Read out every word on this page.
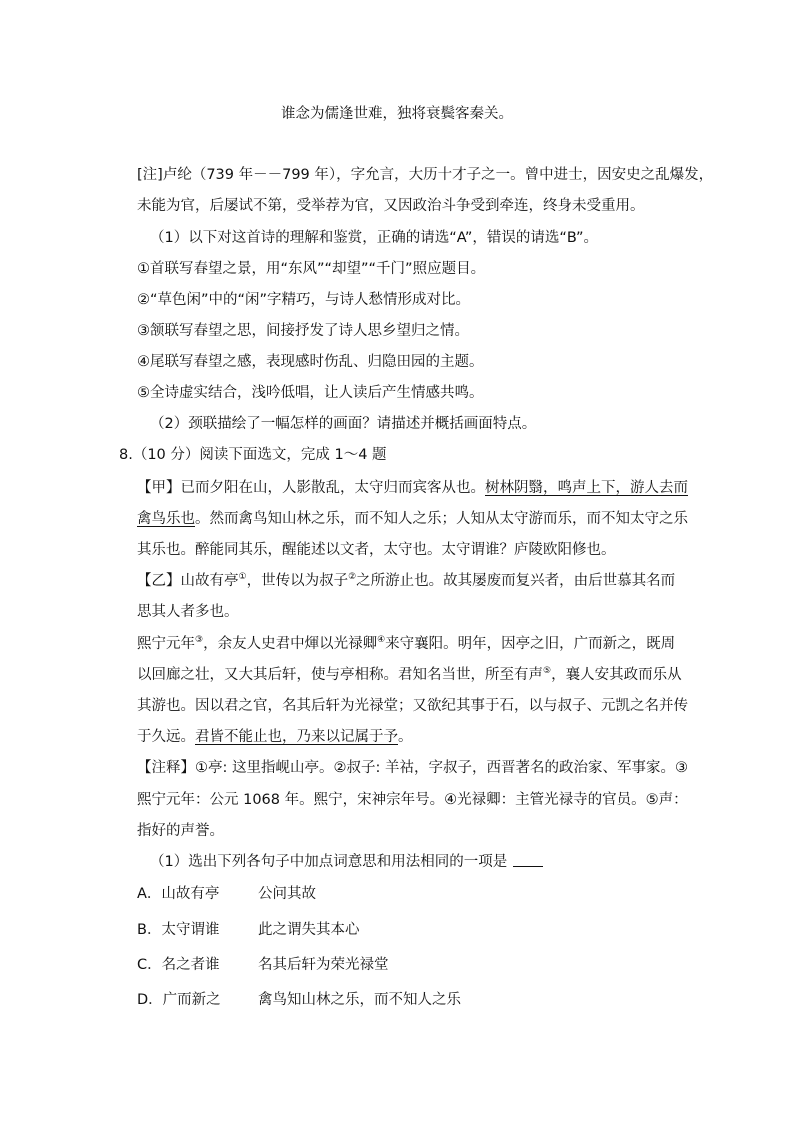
谁念为儒逢世难，独将衰鬓客秦关。
[注]卢纶（739 年－－799 年），字允言，大历十才子之一。曾中进士，因安史之乱爆发，
未能为官，后屡试不第，受举荐为官，又因政治斗争受到牵连，终身未受重用。
（1）以下对这首诗的理解和鉴赏，正确的请选“A”，错误的请选“B”。
①首联写春望之景，用“东风”“却望”“千门”照应题目。
②“草色闲”中的“闲”字精巧，与诗人愁情形成对比。
③颔联写春望之思，间接抒发了诗人思乡望归之情。
④尾联写春望之感，表现感时伤乱、归隐田园的主题。
⑤全诗虚实结合，浅吟低唱，让人读后产生情感共鸣。
（2）颈联描绘了一幅怎样的画面？请描述并概括画面特点。
8.（10 分）阅读下面选文，完成 1～4 题
【甲】已而夕阳在山，人影散乱，太守归而宾客从也。树林阴翳，鸣声上下，游人去而
禽鸟乐也。然而禽鸟知山林之乐，而不知人之乐；人知从太守游而乐，而不知太守之乐
其乐也。醉能同其乐，醒能述以文者，太守也。太守谓谁？庐陵欧阳修也。
【乙】山故有亭①，世传以为叔子②之所游止也。故其屡废而复兴者，由后世慕其名而
思其人者多也。
熙宁元年③，余友人史君中煇以光禄卿④来守襄阳。明年，因亭之旧，广而新之，既周
以回廊之壮，又大其后轩，使与亭相称。君知名当世，所至有声⑤，襄人安其政而乐从
其游也。因以君之官，名其后轩为光禄堂；又欲纪其事于石，以与叔子、元凯之名并传
于久远。君皆不能止也，乃来以记属于予。
【注释】①亭: 这里指岘山亭。②叔子: 羊祜，字叔子，西晋著名的政治家、军事家。③
熙宁元年：公元 1068 年。熙宁，宋神宗年号。④光禄卿：主管光禄寺的官员。⑤声：
指好的声誉。
（1）选出下列各句子中加点词意思和用法相同的一项是
A．山故有亭	公问其故
B．太守谓谁	此之谓失其本心
C．名之者谁	名其后轩为荣光禄堂
D．广而新之	禽鸟知山林之乐，而不知人之乐
